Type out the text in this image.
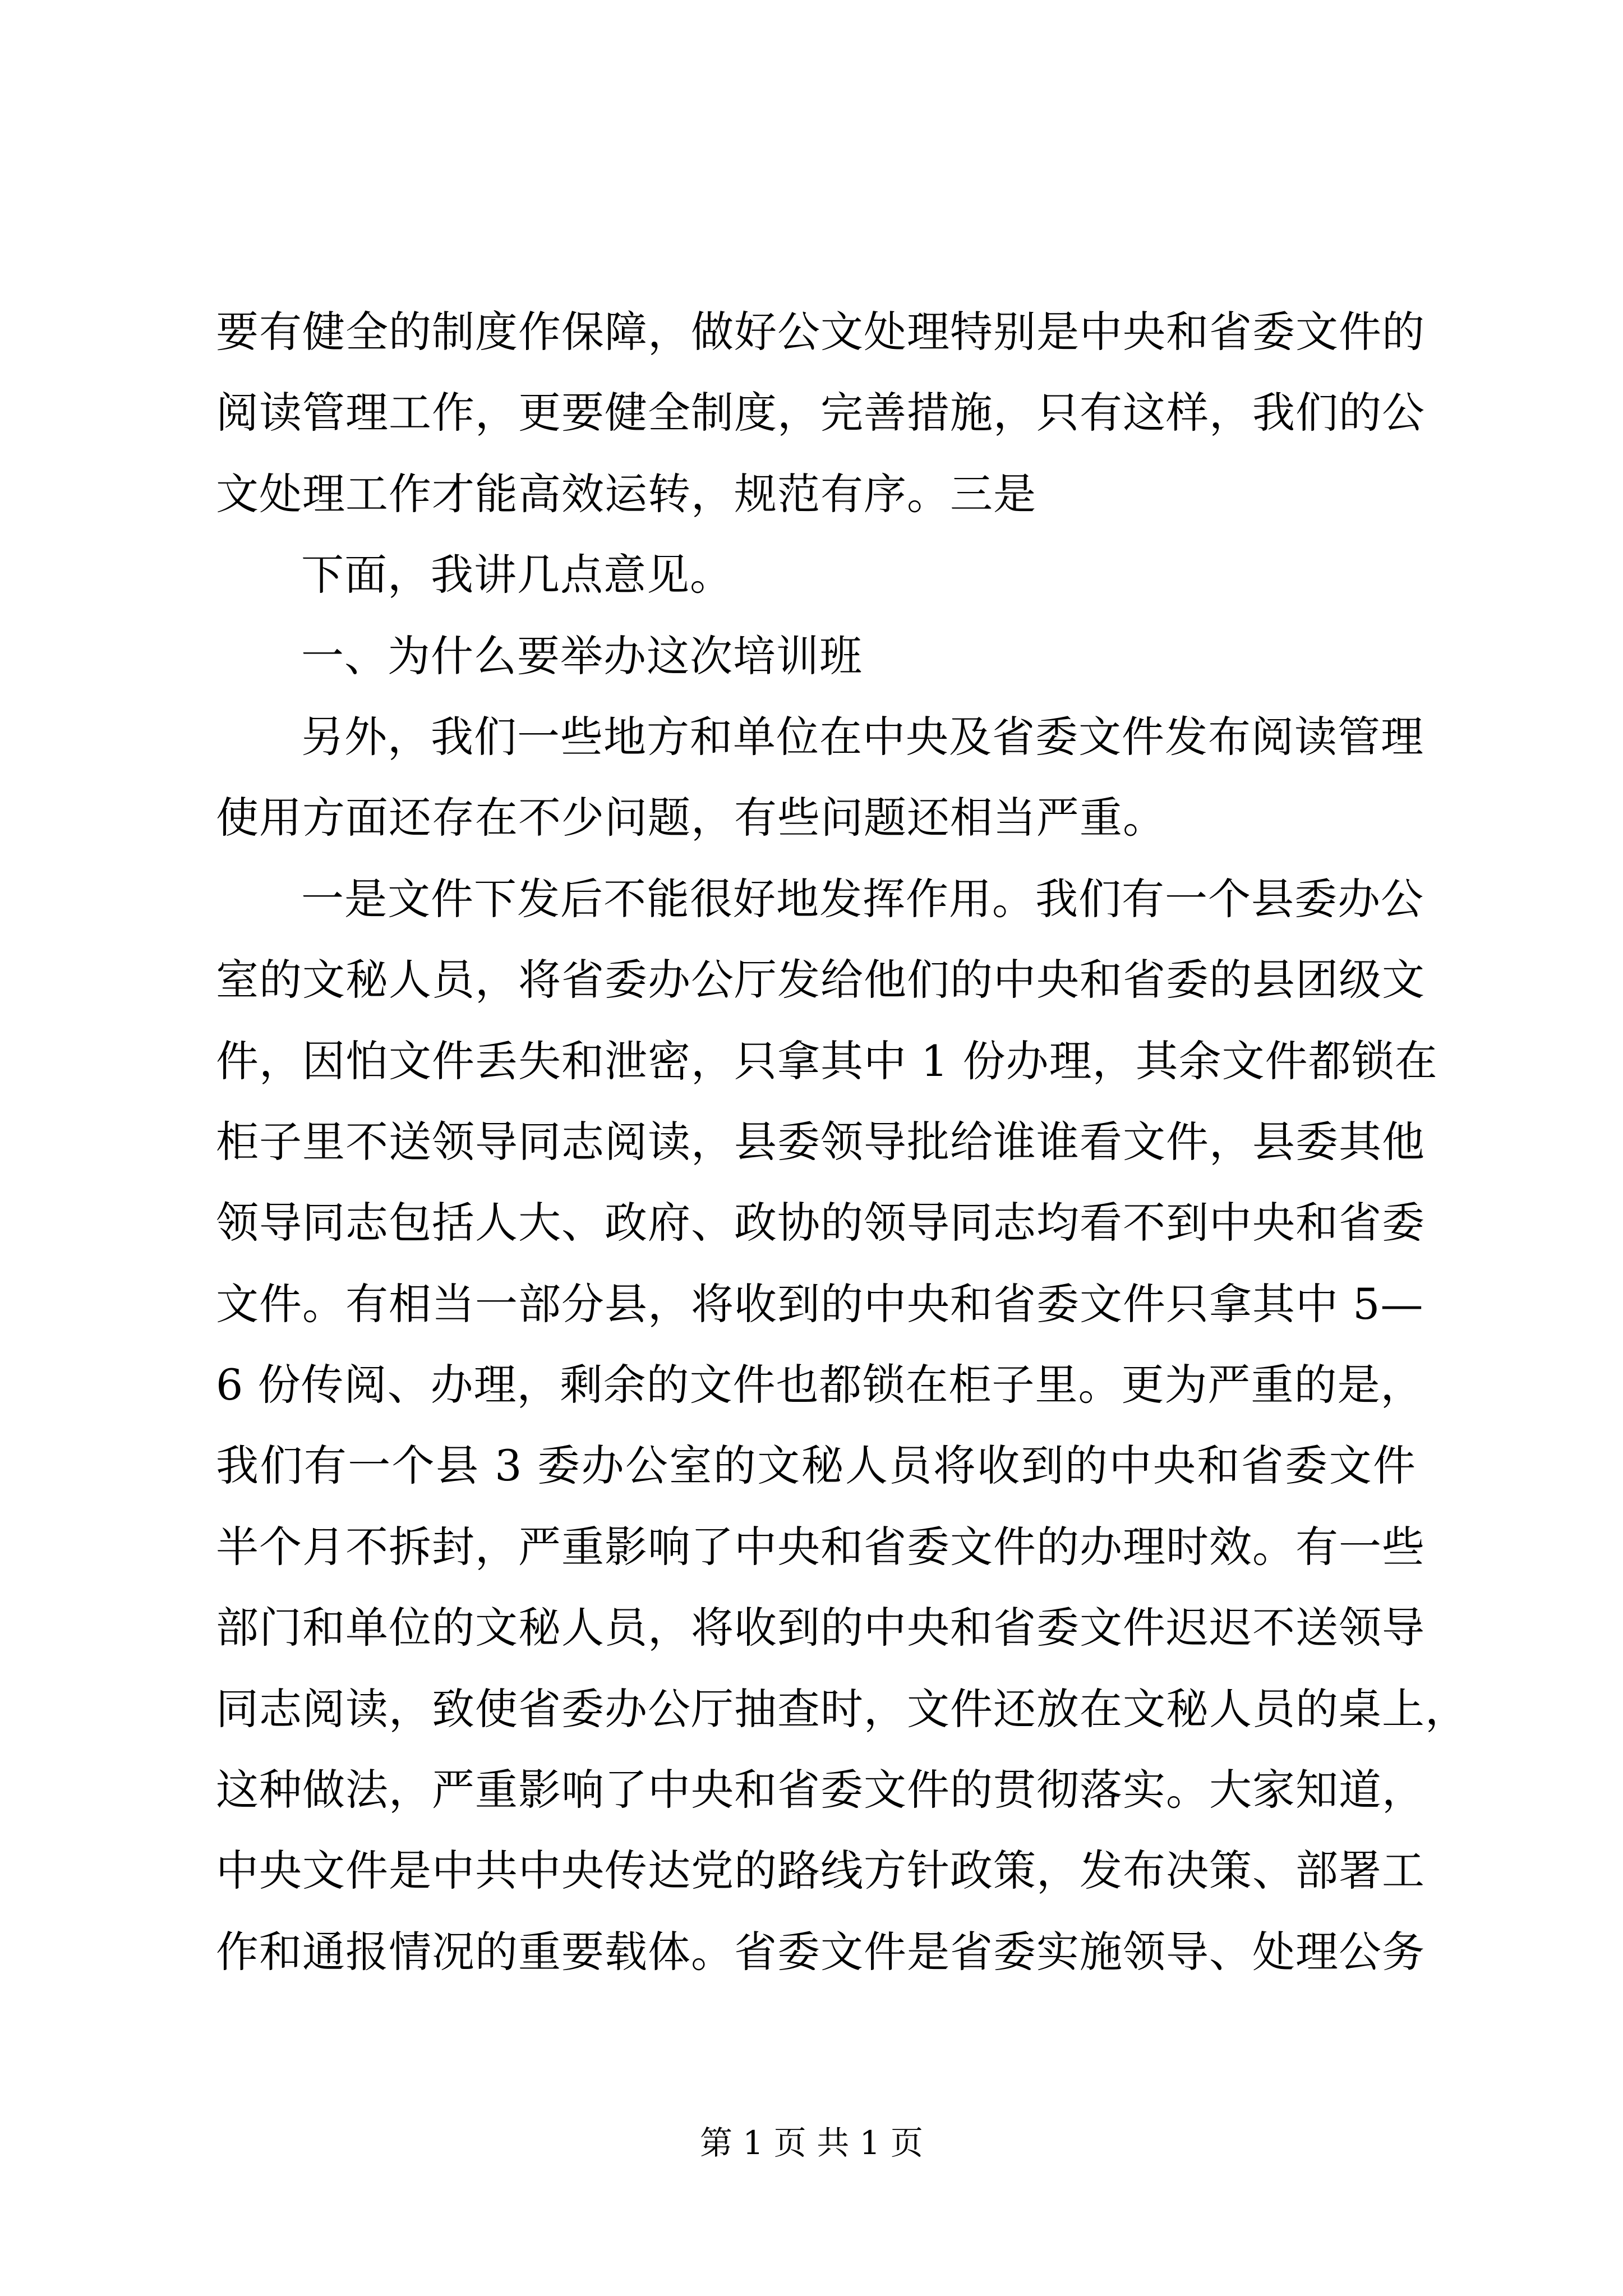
要有健全的制度作保障，做好公文处理特别是中央和省委文件的
阅读管理工作，更要健全制度，完善措施，只有这样，我们的公
文处理工作才能高效运转，规范有序。三是
下面，我讲几点意见。
一、为什么要举办这次培训班
另外，我们一些地方和单位在中央及省委文件发布阅读管理
使用方面还存在不少问题，有些问题还相当严重。
一是文件下发后不能很好地发挥作用。我们有一个县委办公
室的文秘人员，将省委办公厅发给他们的中央和省委的县团级文
件，因怕文件丢失和泄密，只拿其中 1 份办理，其余文件都锁在
柜子里不送领导同志阅读，县委领导批给谁谁看文件，县委其他
领导同志包括人大、政府、政协的领导同志均看不到中央和省委
文件。有相当一部分县，将收到的中央和省委文件只拿其中 5—
6 份传阅、办理，剩余的文件也都锁在柜子里。更为严重的是，
我们有一个县 3 委办公室的文秘人员将收到的中央和省委文件
半个月不拆封，严重影响了中央和省委文件的办理时效。有一些
部门和单位的文秘人员，将收到的中央和省委文件迟迟不送领导
同志阅读，致使省委办公厅抽查时，文件还放在文秘人员的桌上，
这种做法，严重影响了中央和省委文件的贯彻落实。大家知道，
中央文件是中共中央传达党的路线方针政策，发布决策、部署工
作和通报情况的重要载体。省委文件是省委实施领导、处理公务
第 1 页 共 1 页
